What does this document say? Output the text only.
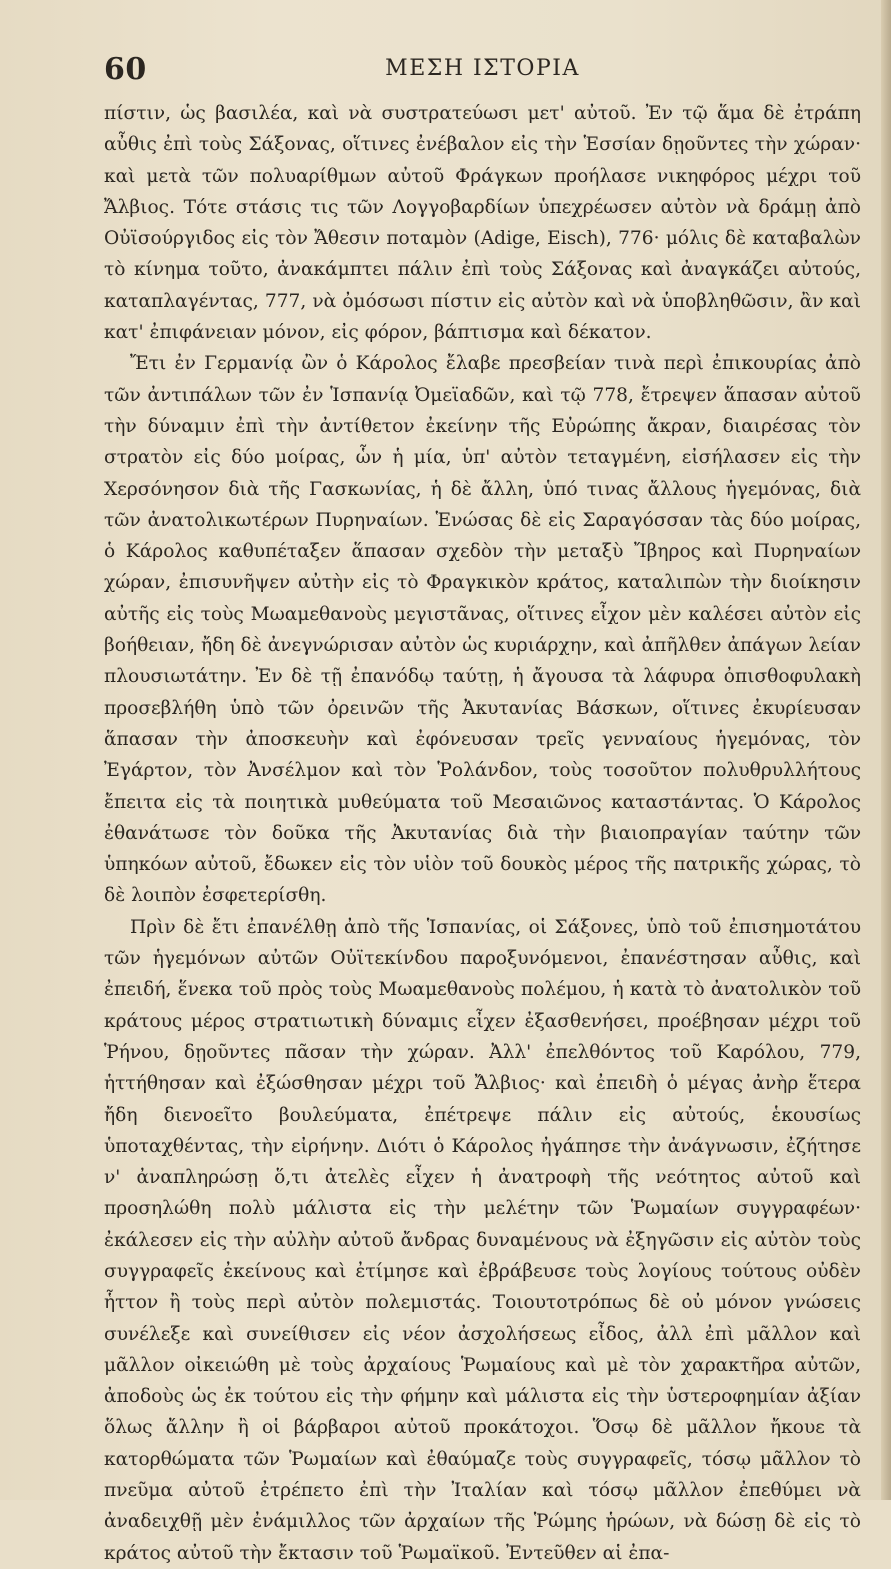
60	ΜΕΣΗ ΙΣΤΟΡΙΑ

πίστιν, ὡς βασιλέα, καὶ νὰ συστρατεύωσι μετ' αὐτοῦ. Ἐν τῷ ἅμα δὲ ἐτράπη αὖθις ἐπὶ τοὺς Σάξονας, οἵτινες ἐνέβαλον εἰς τὴν Ἑσσίαν δῃοῦντες τὴν χώραν· καὶ μετὰ τῶν πολυαρίθμων αὐτοῦ Φράγκων προήλασε νικηφόρος μέχρι τοῦ Ἄλβιος. Τότε στάσις τις τῶν Λογγοβαρδίων ὑπεχρέωσεν αὐτὸν νὰ δράμῃ ἀπὸ Οὐϊσούργιδος εἰς τὸν Ἄθεσιν ποταμὸν (Adige, Eisch), 776· μόλις δὲ καταβαλὼν τὸ κίνημα τοῦτο, ἀνακάμπτει πάλιν ἐπὶ τοὺς Σάξονας καὶ ἀναγκάζει αὐτούς, καταπλαγέντας, 777, νὰ ὀμόσωσι πίστιν εἰς αὐτὸν καὶ νὰ ὑποβληθῶσιν, ἂν καὶ κατ' ἐπιφάνειαν μόνον, εἰς φόρον, βάπτισμα καὶ δέκατον.

Ἔτι ἐν Γερμανίᾳ ὢν ὁ Κάρολος ἔλαβε πρεσβείαν τινὰ περὶ ἐπικουρίας ἀπὸ τῶν ἀντιπάλων τῶν ἐν Ἱσπανίᾳ Ὀμεϊαδῶν, καὶ τῷ 778, ἔτρεψεν ἅπασαν αὐτοῦ τὴν δύναμιν ἐπὶ τὴν ἀντίθετον ἐκείνην τῆς Εὐρώπης ἄκραν, διαιρέσας τὸν στρατὸν εἰς δύο μοίρας, ὧν ἡ μία, ὑπ' αὐτὸν τεταγμένη, εἰσήλασεν εἰς τὴν Χερσόνησον διὰ τῆς Γασκωνίας, ἡ δὲ ἄλλη, ὑπό τινας ἄλλους ἡγεμόνας, διὰ τῶν ἀνατολικωτέρων Πυρηναίων. Ἑνώσας δὲ εἰς Σαραγόσσαν τὰς δύο μοίρας, ὁ Κάρολος καθυπέταξεν ἅπασαν σχεδὸν τὴν μεταξὺ Ἴβηρος καὶ Πυρηναίων χώραν, ἐπισυνῆψεν αὐτὴν εἰς τὸ Φραγκικὸν κράτος, καταλιπὼν τὴν διοίκησιν αὐτῆς εἰς τοὺς Μωαμεθανοὺς μεγιστᾶνας, οἵτινες εἶχον μὲν καλέσει αὐτὸν εἰς βοήθειαν, ἤδη δὲ ἀνεγνώρισαν αὐτὸν ὡς κυριάρχην, καὶ ἀπῆλθεν ἀπάγων λείαν πλουσιωτάτην. Ἐν δὲ τῇ ἐπανόδῳ ταύτῃ, ἡ ἄγουσα τὰ λάφυρα ὀπισθοφυλακὴ προσεβλήθη ὑπὸ τῶν ὀρεινῶν τῆς Ἀκυτανίας Βάσκων, οἵτινες ἐκυρίευσαν ἅπασαν τὴν ἀποσκευὴν καὶ ἐφόνευσαν τρεῖς γενναίους ἡγεμόνας, τὸν Ἐγάρτον, τὸν Ἀνσέλμον καὶ τὸν Ῥολάνδον, τοὺς τοσοῦτον πολυθρυλλήτους ἔπειτα εἰς τὰ ποιητικὰ μυθεύματα τοῦ Μεσαιῶνος καταστάντας. Ὁ Κάρολος ἐθανάτωσε τὸν δοῦκα τῆς Ἀκυτανίας διὰ τὴν βιαιοπραγίαν ταύτην τῶν ὑπηκόων αὐτοῦ, ἔδωκεν εἰς τὸν υἱὸν τοῦ δουκὸς μέρος τῆς πατρικῆς χώρας, τὸ δὲ λοιπὸν ἐσφετερίσθη.

Πρὶν δὲ ἔτι ἐπανέλθῃ ἀπὸ τῆς Ἱσπανίας, οἱ Σάξονες, ὑπὸ τοῦ ἐπισημοτάτου τῶν ἡγεμόνων αὐτῶν Οὐϊτεκίνδου παροξυνόμενοι, ἐπανέστησαν αὖθις, καὶ ἐπειδή, ἕνεκα τοῦ πρὸς τοὺς Μωαμεθανοὺς πολέμου, ἡ κατὰ τὸ ἀνατολικὸν τοῦ κράτους μέρος στρατιωτικὴ δύναμις εἶχεν ἐξασθενήσει, προέβησαν μέχρι τοῦ Ῥήνου, δῃοῦντες πᾶσαν τὴν χώραν. Ἀλλ' ἐπελθόντος τοῦ Καρόλου, 779, ἡττήθησαν καὶ ἐξώσθησαν μέχρι τοῦ Ἄλβιος· καὶ ἐπειδὴ ὁ μέγας ἀνὴρ ἕτερα ἤδη διενοεῖτο βουλεύματα, ἐπέτρεψε πάλιν εἰς αὐτούς, ἑκουσίως ὑποταχθέντας, τὴν εἰρήνην. Διότι ὁ Κάρολος ἠγάπησε τὴν ἀνάγνωσιν, ἐζήτησε ν' ἀναπληρώσῃ ὅ,τι ἀτελὲς εἶχεν ἡ ἀνατροφὴ τῆς νεότητος αὐτοῦ καὶ προσηλώθη πολὺ μάλιστα εἰς τὴν μελέτην τῶν Ῥωμαίων συγγραφέων· ἐκάλεσεν εἰς τὴν αὐλὴν αὐτοῦ ἄνδρας δυναμένους νὰ ἐξηγῶσιν εἰς αὐτὸν τοὺς συγγραφεῖς ἐκείνους καὶ ἐτίμησε καὶ ἐβράβευσε τοὺς λογίους τούτους οὐδὲν ἧττον ἢ τοὺς περὶ αὐτὸν πολεμιστάς. Τοιουτοτρόπως δὲ οὐ μόνον γνώσεις συνέλεξε καὶ συνείθισεν εἰς νέον ἀσχολήσεως εἶδος, ἀλλ ἐπὶ μᾶλλον καὶ μᾶλλον οἰκειώθη μὲ τοὺς ἀρχαίους Ῥωμαίους καὶ μὲ τὸν χαρακτῆρα αὐτῶν, ἀποδοὺς ὡς ἐκ τούτου εἰς τὴν φήμην καὶ μάλιστα εἰς τὴν ὑστεροφημίαν ἀξίαν ὅλως ἄλλην ἢ οἱ βάρβαροι αὐτοῦ προκάτοχοι. Ὅσῳ δὲ μᾶλλον ἤκουε τὰ κατορθώματα τῶν Ῥωμαίων καὶ ἐθαύμαζε τοὺς συγγραφεῖς, τόσῳ μᾶλλον τὸ πνεῦμα αὐτοῦ ἐτρέπετο ἐπὶ τὴν Ἰταλίαν καὶ τόσῳ μᾶλλον ἐπεθύμει νὰ ἀναδειχθῇ μὲν ἐνάμιλλος τῶν ἀρχαίων τῆς Ῥώμης ἡρώων, νὰ δώσῃ δὲ εἰς τὸ κράτος αὐτοῦ τὴν ἔκτασιν τοῦ Ῥωμαϊκοῦ. Ἐντεῦθεν αἱ ἐπα-
